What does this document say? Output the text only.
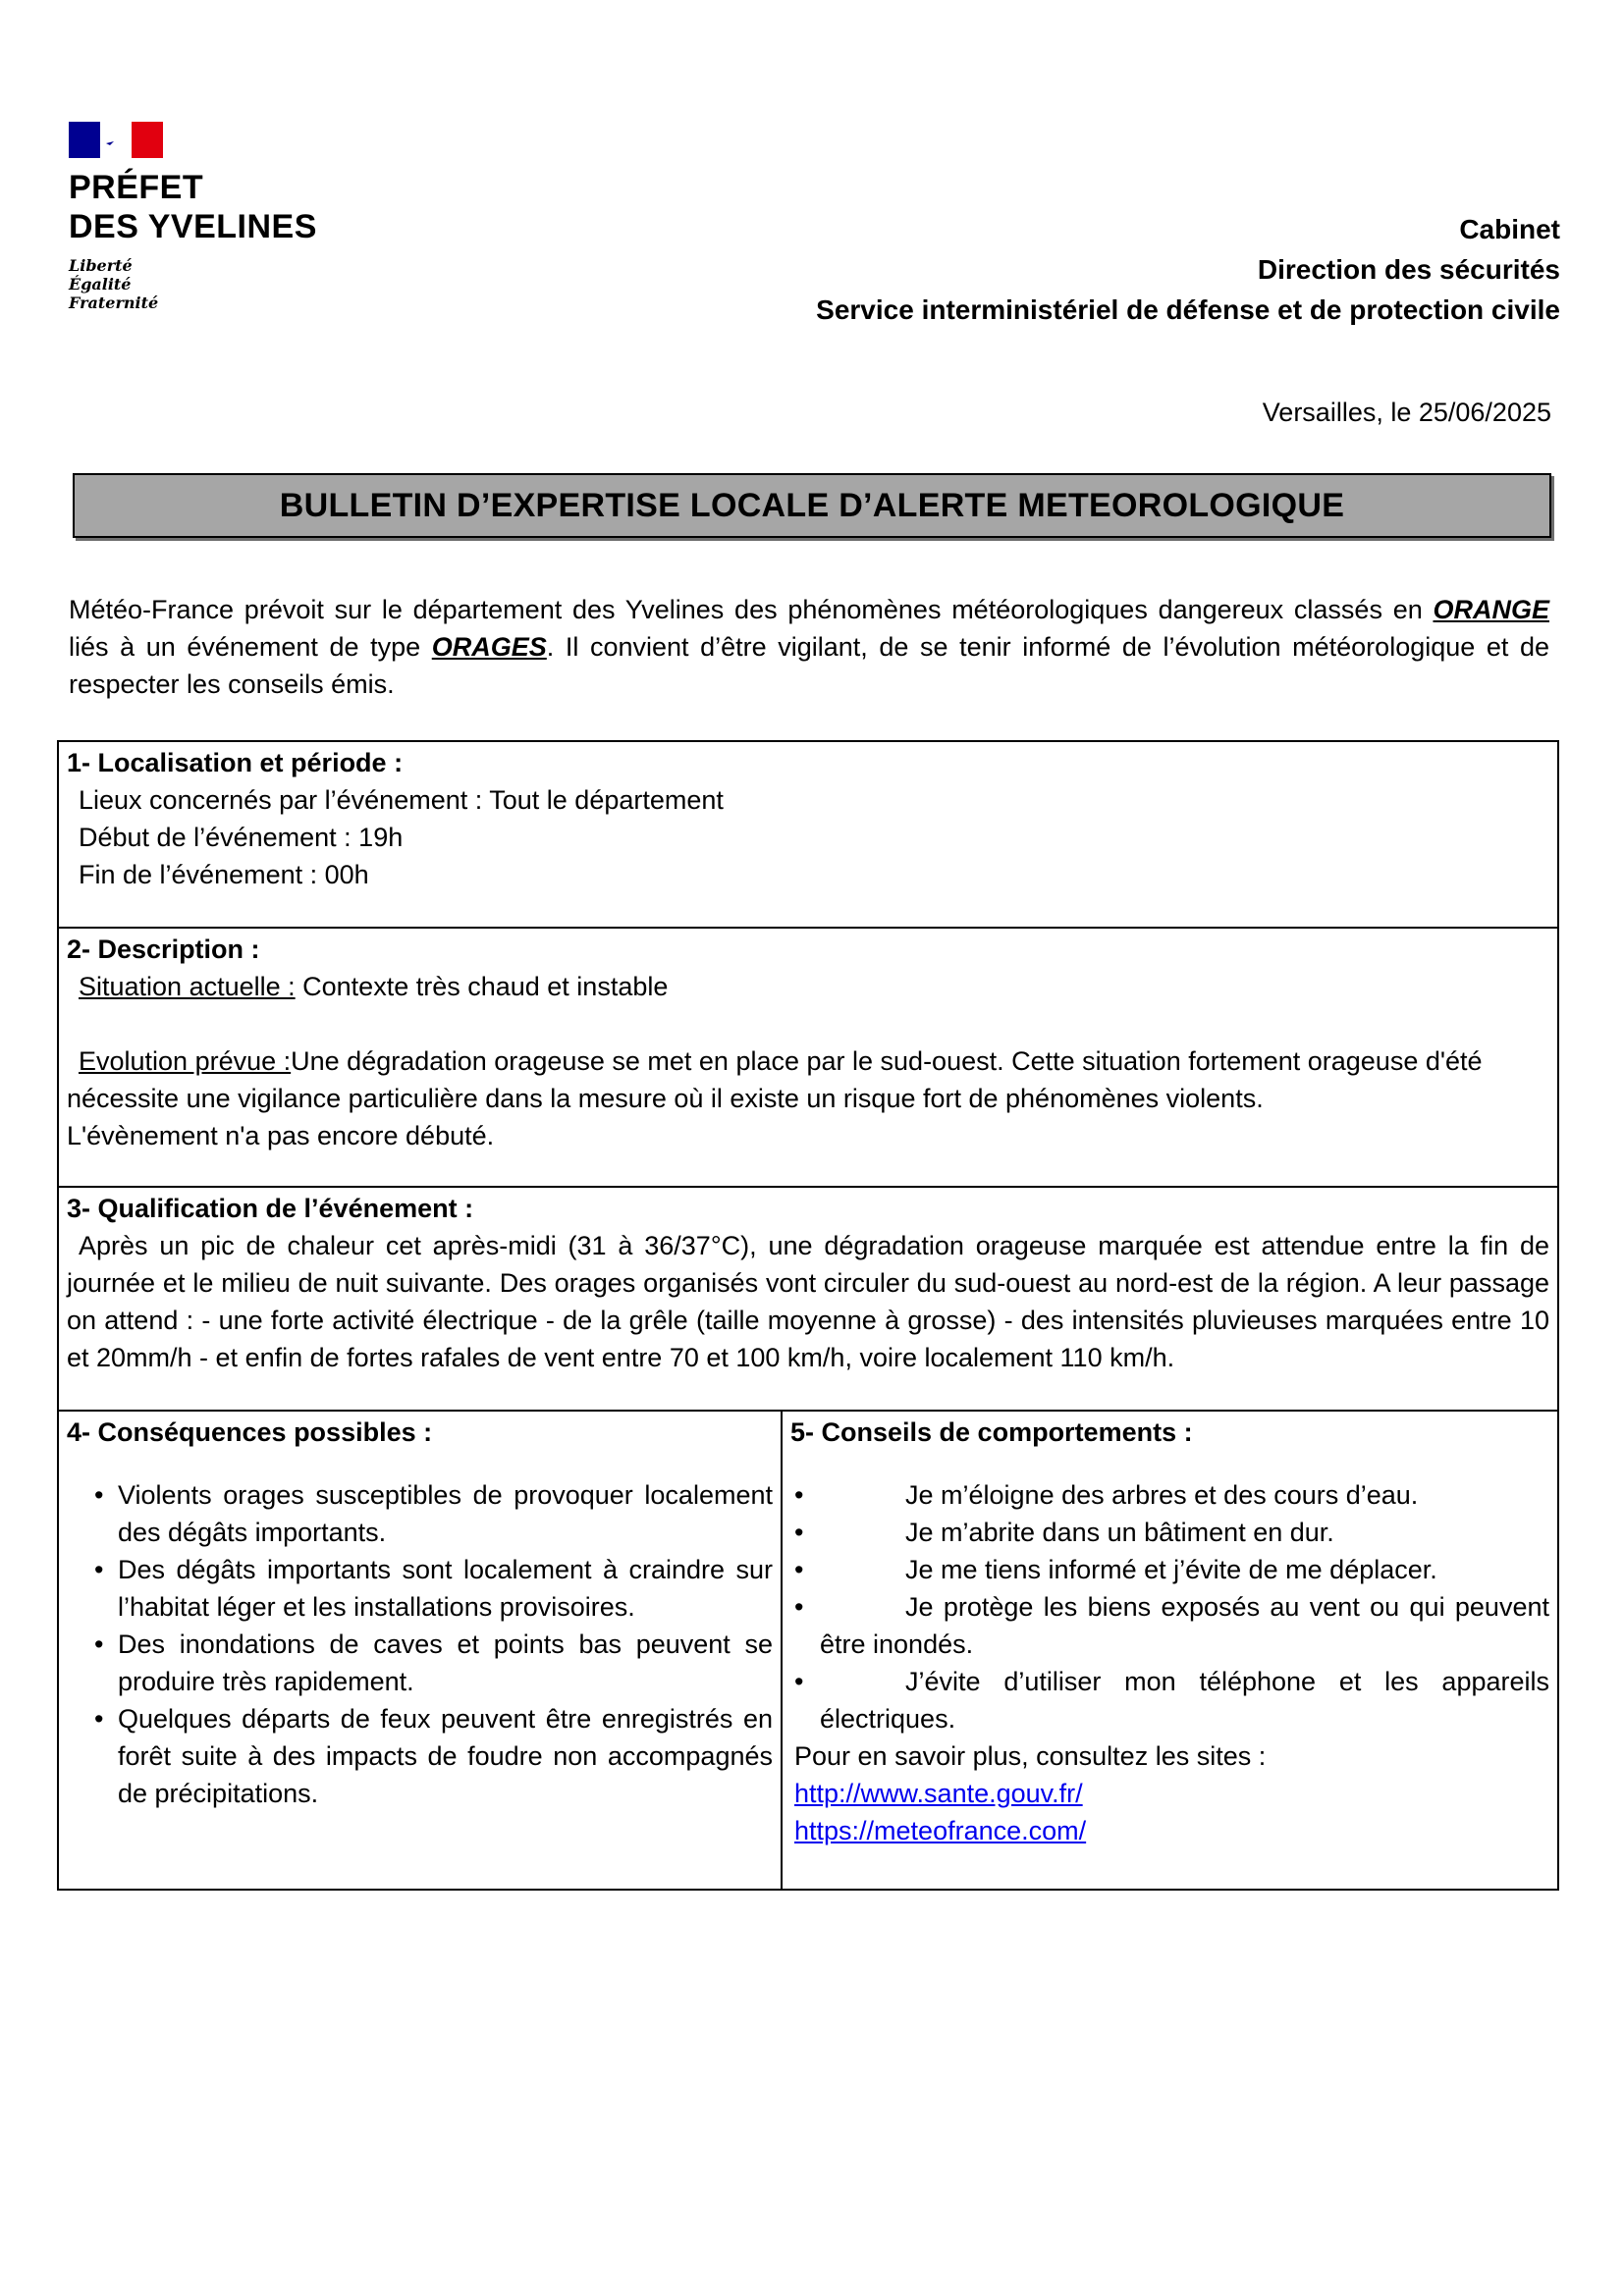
PRÉFET
DES YVELINES
Liberté
Égalité
Fraternité
Cabinet
Direction des sécurités
Service interministériel de défense et de protection civile
Versailles, le 25/06/2025
BULLETIN D’EXPERTISE LOCALE D’ALERTE METEOROLOGIQUE
Météo-France prévoit sur le département des Yvelines des phénomènes météorologiques dangereux classés en ORANGE liés à un événement de type ORAGES. Il convient d’être vigilant, de se tenir informé de l’évolution météorologique et de respecter les conseils émis.
1- Localisation et période :
Lieux concernés par l’événement : Tout le département
Début de l’événement : 19h
Fin de l’événement : 00h
2- Description :
Situation actuelle : Contexte très chaud et instable
Evolution prévue :Une dégradation orageuse se met en place par le sud-ouest. Cette situation fortement orageuse d'été nécessite une vigilance particulière dans la mesure où il existe un risque fort de phénomènes violents.
L'évènement n'a pas encore débuté.
3- Qualification de l’événement :
Après un pic de chaleur cet après-midi (31 à 36/37°C), une dégradation orageuse marquée est attendue entre la fin de journée et le milieu de nuit suivante. Des orages organisés vont circuler du sud-ouest au nord-est de la région. A leur passage on attend : - une forte activité électrique - de la grêle (taille moyenne à grosse) - des intensités pluvieuses marquées entre 10 et 20mm/h - et enfin de fortes rafales de vent entre 70 et 100 km/h, voire localement 110 km/h.
4- Conséquences possibles :
• Violents orages susceptibles de provoquer localement des dégâts importants.
• Des dégâts importants sont localement à craindre sur l’habitat léger et les installations provisoires.
• Des inondations de caves et points bas peuvent se produire très rapidement.
• Quelques départs de feux peuvent être enregistrés en forêt suite à des impacts de foudre non accompagnés de précipitations.
5- Conseils de comportements :
•	Je m’éloigne des arbres et des cours d’eau.
•	Je m’abrite dans un bâtiment en dur.
•	Je me tiens informé et j’évite de me déplacer.
•	Je protège les biens exposés au vent ou qui peuvent être inondés.
•	J’évite d’utiliser mon téléphone et les appareils électriques.
Pour en savoir plus, consultez les sites :
http://www.sante.gouv.fr/
https://meteofrance.com/
